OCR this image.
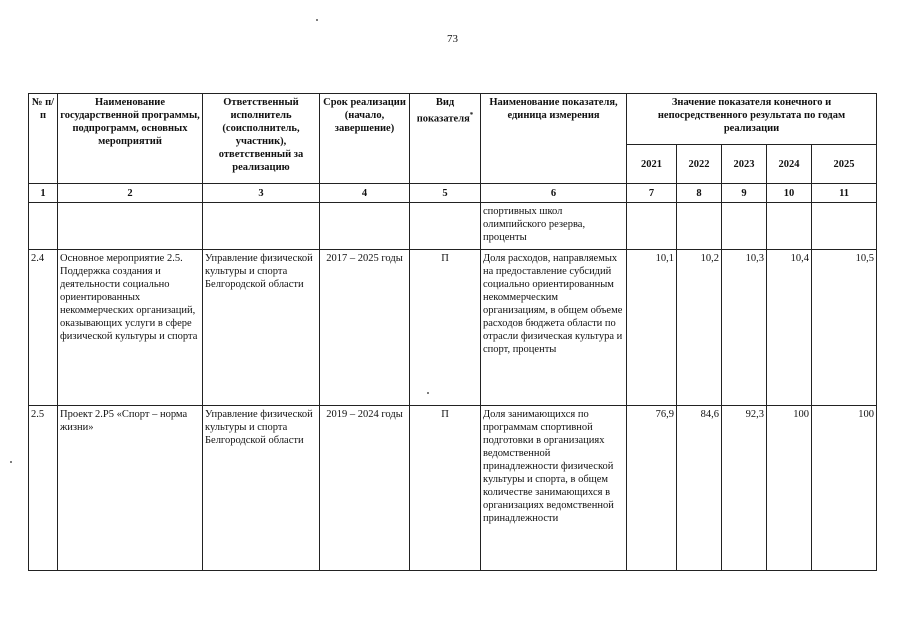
73
№ п/п	Наименование государственной программы, подпрограмм, основных мероприятий	Ответственный исполнитель (соисполнитель, участник), ответственный за реализацию	Срок реализации (начало, завершение)	Вид показателя*	Наименование показателя, единица измерения	Значение показателя конечного и непосредственного результата по годам реализации				
						2021	2022	2023	2024	2025
1	2	3	4	5	6	7	8	9	10	11
					спортивных школ олимпийского резерва, проценты					
2.4	Основное мероприятие 2.5. Поддержка создания и деятельности социально ориентированных некоммерческих организаций, оказывающих услуги в сфере физической культуры и спорта	Управление физической культуры и спорта Белгородской области	2017 – 2025 годы	П	Доля расходов, направляемых на предоставление субсидий социально ориентированным некоммерческим организациям, в общем объеме расходов бюджета области по отрасли физическая культура и спорт, проценты	10,1	10,2	10,3	10,4	10,5
2.5	Проект 2.Р5 «Спорт – норма жизни»	Управление физической культуры и спорта Белгородской области	2019 – 2024 годы	П	Доля занимающихся по программам спортивной подготовки в организациях ведомственной принадлежности физической культуры и спорта, в общем количестве занимающихся в организациях ведомственной принадлежности	76,9	84,6	92,3	100	100
